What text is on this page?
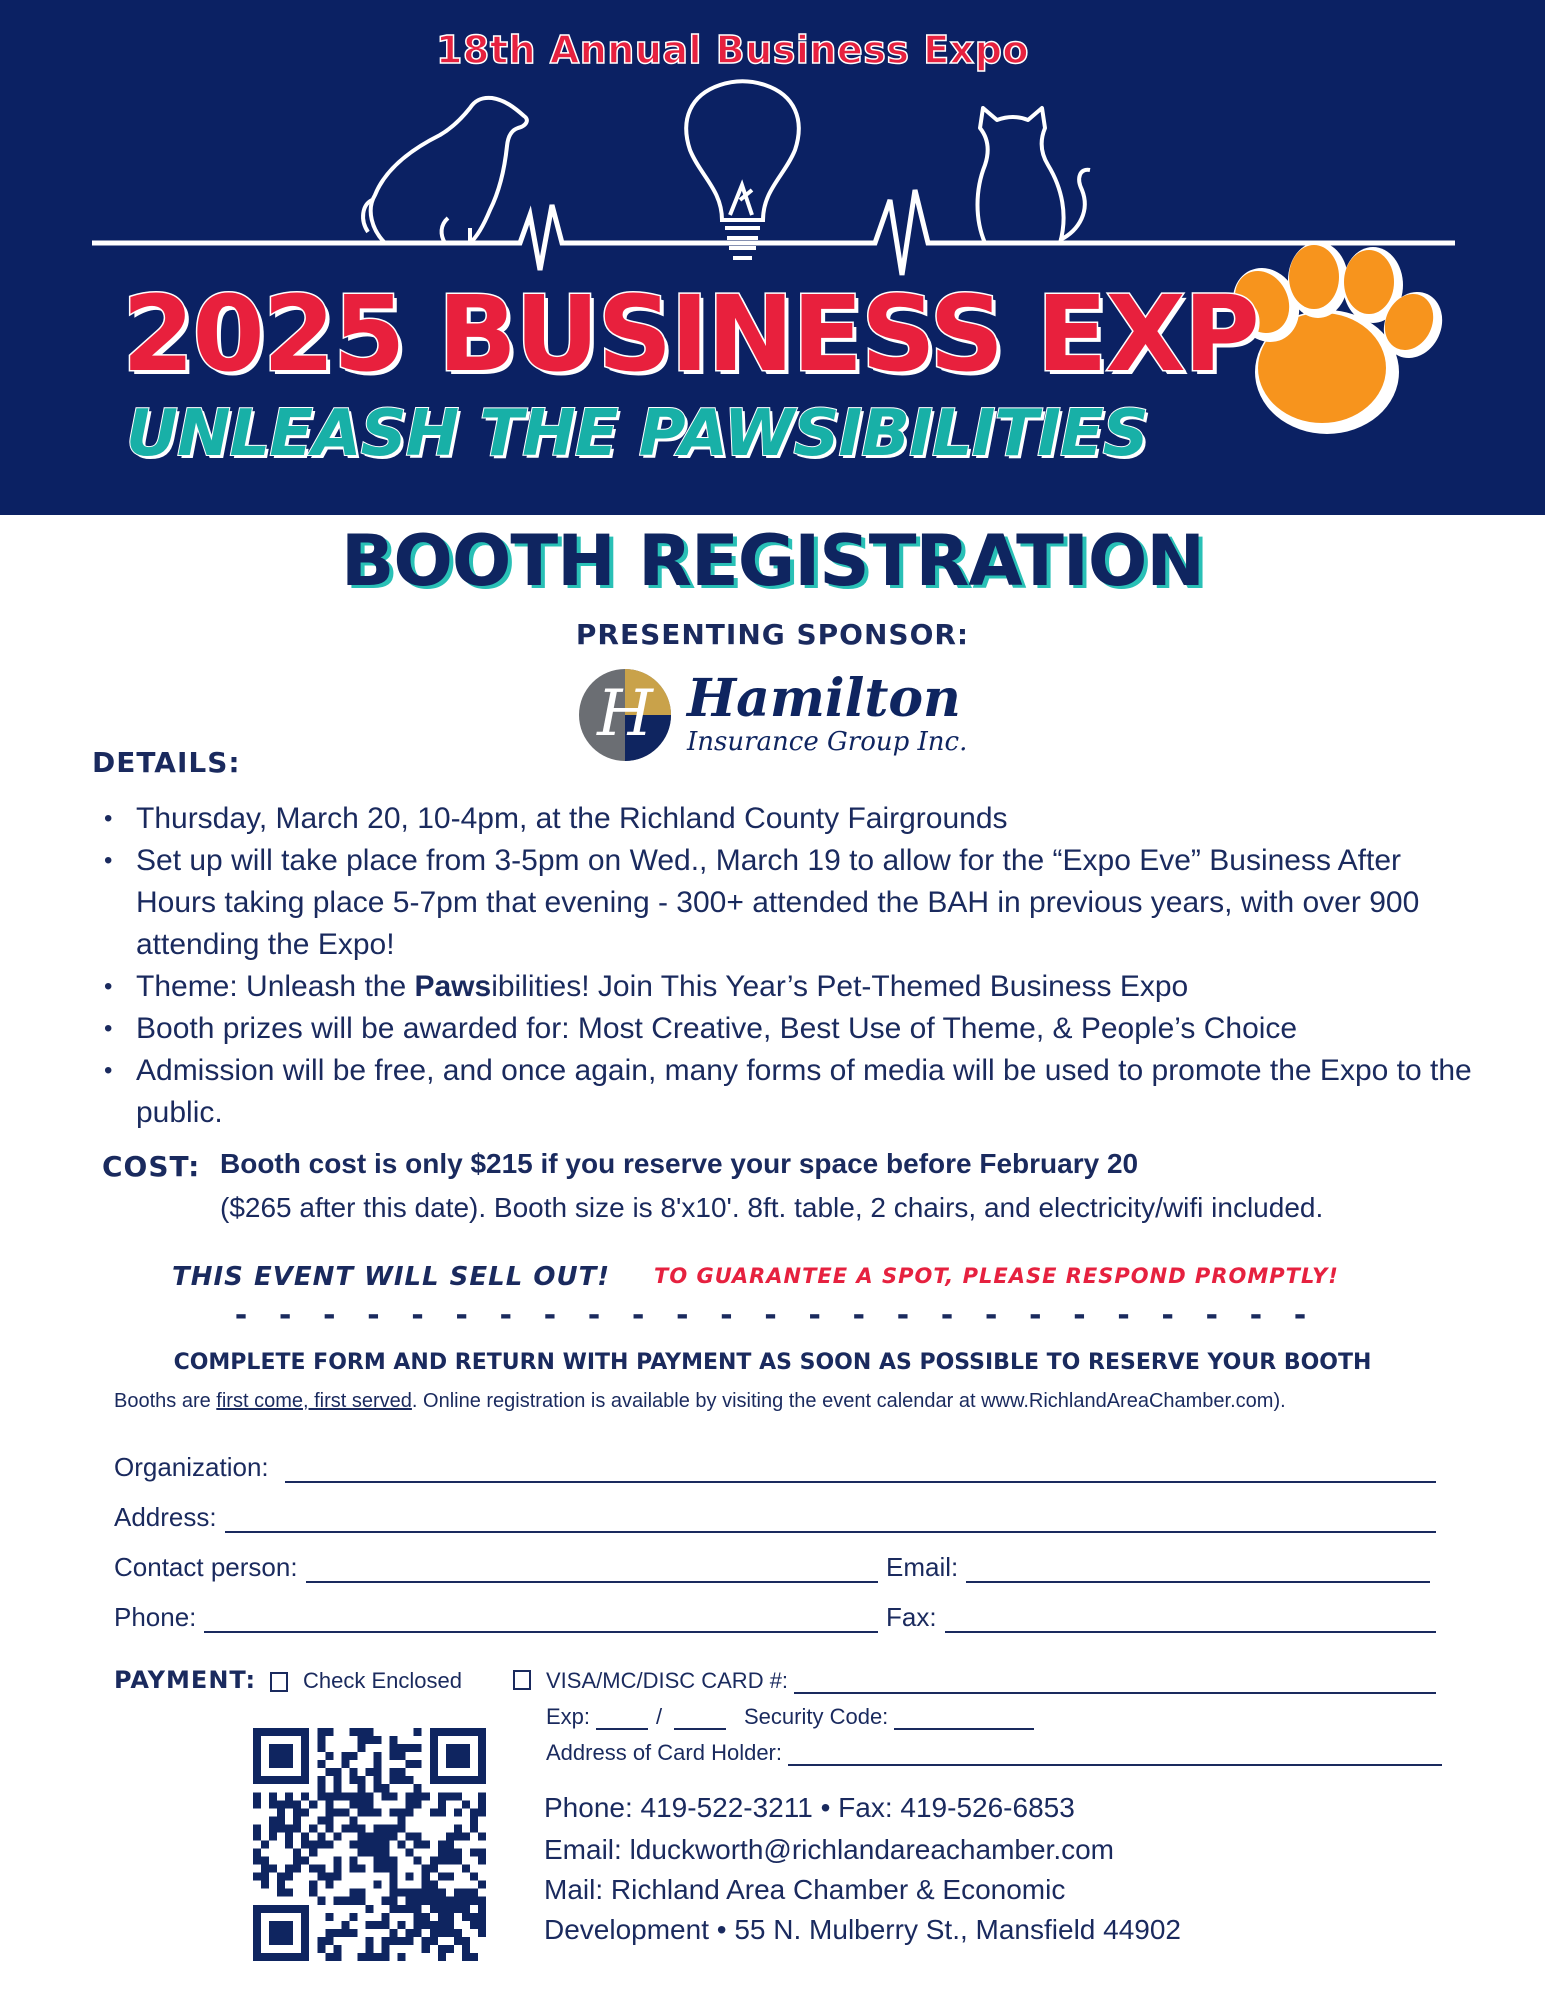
18th Annual Business Expo
2025 BUSINESS EXP
UNLEASH THE PAWSIBILITIES
BOOTH REGISTRATION
PRESENTING SPONSOR:
H Hamilton
Insurance Group Inc.
DETAILS:
• Thursday, March 20, 10-4pm, at the Richland County Fairgrounds
• Set up will take place from 3-5pm on Wed., March 19 to allow for the “Expo Eve” Business After Hours taking place 5-7pm that evening - 300+ attended the BAH in previous years, with over 900 attending the Expo!
• Theme: Unleash the Pawsibilities! Join This Year’s Pet-Themed Business Expo
• Booth prizes will be awarded for: Most Creative, Best Use of Theme, & People’s Choice
• Admission will be free, and once again, many forms of media will be used to promote the Expo to the public.
COST: Booth cost is only $215 if you reserve your space before February 20
($265 after this date). Booth size is 8'x10'. 8ft. table, 2 chairs, and electricity/wifi included.
THIS EVENT WILL SELL OUT! TO GUARANTEE A SPOT, PLEASE RESPOND PROMPTLY!
- - - - - - - - - - - - - - - - - - - - - - - - -
COMPLETE FORM AND RETURN WITH PAYMENT AS SOON AS POSSIBLE TO RESERVE YOUR BOOTH
Booths are first come, first served. Online registration is available by visiting the event calendar at www.RichlandAreaChamber.com).
Organization:
Address:
Contact person:	Email:
Phone:	Fax:
PAYMENT: Check Enclosed	VISA/MC/DISC CARD #:
Exp:	/	Security Code:
Address of Card Holder:
Phone: 419-522-3211 • Fax: 419-526-6853
Email: lduckworth@richlandareachamber.com
Mail: Richland Area Chamber & Economic
Development • 55 N. Mulberry St., Mansfield 44902
